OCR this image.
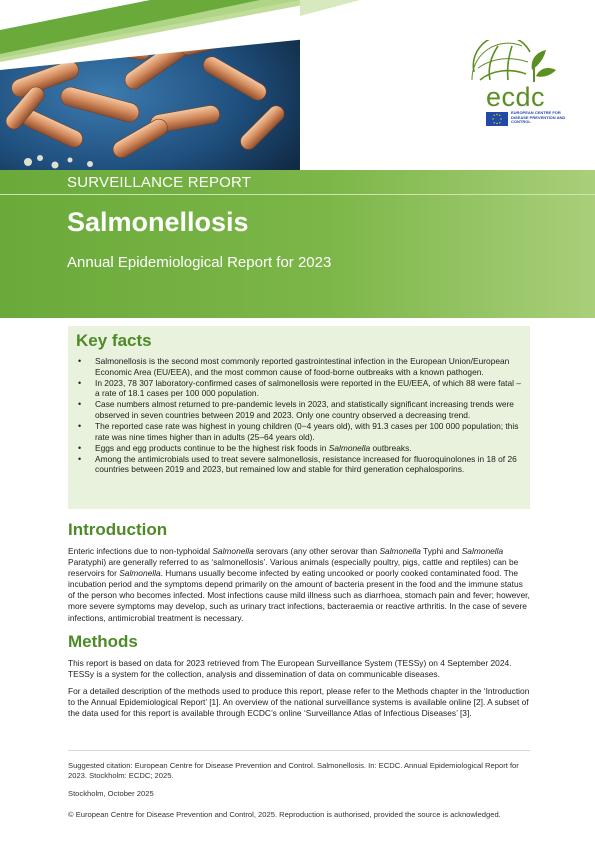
ecdc
EUROPEAN CENTRE FOR DISEASE PREVENTION AND CONTROL
SURVEILLANCE REPORT
Salmonellosis
Annual Epidemiological Report for 2023
Key facts
• Salmonellosis is the second most commonly reported gastrointestinal infection in the European Union/European Economic Area (EU/EEA), and the most common cause of food-borne outbreaks with a known pathogen.
• In 2023, 78 307 laboratory-confirmed cases of salmonellosis were reported in the EU/EEA, of which 88 were fatal – a rate of 18.1 cases per 100 000 population.
• Case numbers almost returned to pre-pandemic levels in 2023, and statistically significant increasing trends were observed in seven countries between 2019 and 2023. Only one country observed a decreasing trend.
• The reported case rate was highest in young children (0−4 years old), with 91.3 cases per 100 000 population; this rate was nine times higher than in adults (25–64 years old).
• Eggs and egg products continue to be the highest risk foods in Salmonella outbreaks.
• Among the antimicrobials used to treat severe salmonellosis, resistance increased for fluoroquinolones in 18 of 26 countries between 2019 and 2023, but remained low and stable for third generation cephalosporins.
Introduction

Enteric infections due to non-typhoidal Salmonella serovars (any other serovar than Salmonella Typhi and Salmonella Paratyphi) are generally referred to as ‘salmonellosis’. Various animals (especially poultry, pigs, cattle and reptiles) can be reservoirs for Salmonella. Humans usually become infected by eating uncooked or poorly cooked contaminated food. The incubation period and the symptoms depend primarily on the amount of bacteria present in the food and the immune status of the person who becomes infected. Most infections cause mild illness such as diarrhoea, stomach pain and fever; however, more severe symptoms may develop, such as urinary tract infections, bacteraemia or reactive arthritis. In the case of severe infections, antimicrobial treatment is necessary.

Methods

This report is based on data for 2023 retrieved from The European Surveillance System (TESSy) on 4 September 2024. TESSy is a system for the collection, analysis and dissemination of data on communicable diseases.

For a detailed description of the methods used to produce this report, please refer to the Methods chapter in the ‘Introduction to the Annual Epidemiological Report’ [1]. An overview of the national surveillance systems is available online [2]. A subset of the data used for this report is available through ECDC’s online ‘Surveillance Atlas of Infectious Diseases’ [3].

Suggested citation: European Centre for Disease Prevention and Control. Salmonellosis. In: ECDC. Annual Epidemiological Report for 2023. Stockholm: ECDC; 2025.

Stockholm, October 2025

© European Centre for Disease Prevention and Control, 2025. Reproduction is authorised, provided the source is acknowledged.
